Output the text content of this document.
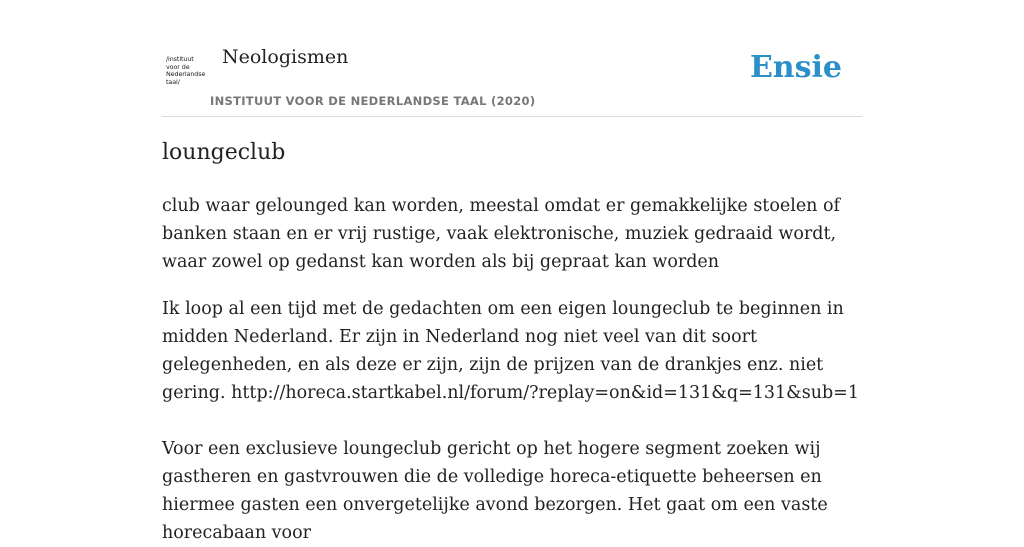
/instituut
voor de
Nederlandse
taal/
Neologismen
INSTITUUT VOOR DE NEDERLANDSE TAAL (2020)
Ensie
loungeclub

club waar gelounged kan worden, meestal omdat er gemakkelijke stoelen of banken staan en er vrij rustige, vaak elektronische, muziek gedraaid wordt, waar zowel op gedanst kan worden als bij gepraat kan worden

Ik loop al een tijd met de gedachten om een eigen loungeclub te beginnen in midden Nederland. Er zijn in Nederland nog niet veel van dit soort gelegenheden, en als deze er zijn, zijn de prijzen van de drankjes enz. niet gering. http://horeca.startkabel.nl/forum/?replay=on&id=131&q=131&sub=1

Voor een exclusieve loungeclub gericht op het hogere segment zoeken wij gastheren en gastvrouwen die de volledige horeca-etiquette beheersen en hiermee gasten een onvergetelijke avond bezorgen. Het gaat om een vaste horecabaan voor
